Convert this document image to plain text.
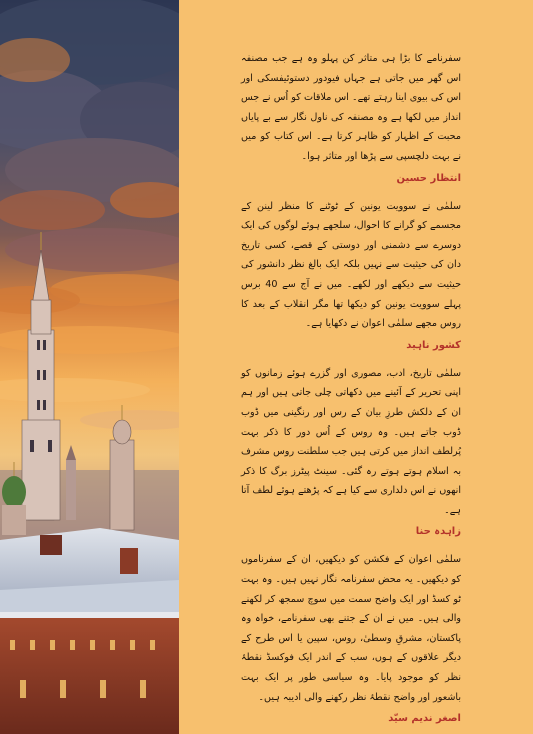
سفرنامے کا بڑا ہی متاثر کن پہلو وہ ہے جب مصنفہ اس گھر میں جاتی ہے جہاں فیودور دستوئیفسکی اور اس کی بیوی اینا رہتے تھے۔ اس ملاقات کو اُس نے جس انداز میں لکھا ہے وہ مصنفہ کی ناول نگار سے بے پایاں محبت کے اظہار کو ظاہر کرتا ہے۔ اس کتاب کو میں نے بہت دلچسپی سے پڑھا اور متاثر ہوا۔

انتظار حسین

سلمٰی نے سوویت یونین کے ٹوٹنے کا منظر لینن کے مجسمے کو گرانے کا احوال، سلجھے ہوئے لوگوں کی ایک دوسرے سے دشمنی اور دوستی کے قصے، کسی تاریخ دان کی حیثیت سے نہیں بلکہ ایک بالغ نظر دانشور کی حیثیت سے دیکھے اور لکھے۔ میں نے آج سے 40 برس پہلے سوویت یونین کو دیکھا تھا مگر انقلاب کے بعد کا روس مجھے سلمٰی اعوان نے دکھایا ہے۔

کشور ناہید

سلمٰی تاریخ، ادب، مصوری اور گزرے ہوئے زمانوں کو اپنی تحریر کے آئینے میں دکھاتی چلی جاتی ہیں اور ہم ان کے دلکش طرزِ بیان کے رس اور رنگینی میں ڈوب ڈوب جاتے ہیں۔ وہ روس کے اُس دور کا ذکر بہت پُرلطف انداز میں کرتی ہیں جب سلطنت روس مشرف بہ اسلام ہوتے ہوتے رہ گئی۔ سینٹ پیٹرز برگ کا ذکر انھوں نے اس دلداری سے کیا ہے کہ پڑھتے ہوئے لطف آتا ہے۔

زاہدہ حنا

سلمٰی اعوان کے فکشن کو دیکھیں، ان کے سفرناموں کو دیکھیں۔ یہ محض سفرنامہ نگار نہیں ہیں۔ وہ بہت ٹو کسڈ اور ایک واضح سمت میں سوچ سمجھ کر لکھنے والی ہیں۔ میں نے ان کے جتنے بھی سفرنامے، خواہ وہ پاکستان، مشرقِ وسطیٰ، روس، سپین یا اس طرح کے دیگر علاقوں کے ہوں، سب کے اندر ایک فوکسڈ نقطۂ نظر کو موجود پایا۔ وہ سیاسی طور پر ایک بہت باشعور اور واضح نقطۂ نظر رکھنے والی ادیبہ ہیں۔

اصغر ندیم سیّد
